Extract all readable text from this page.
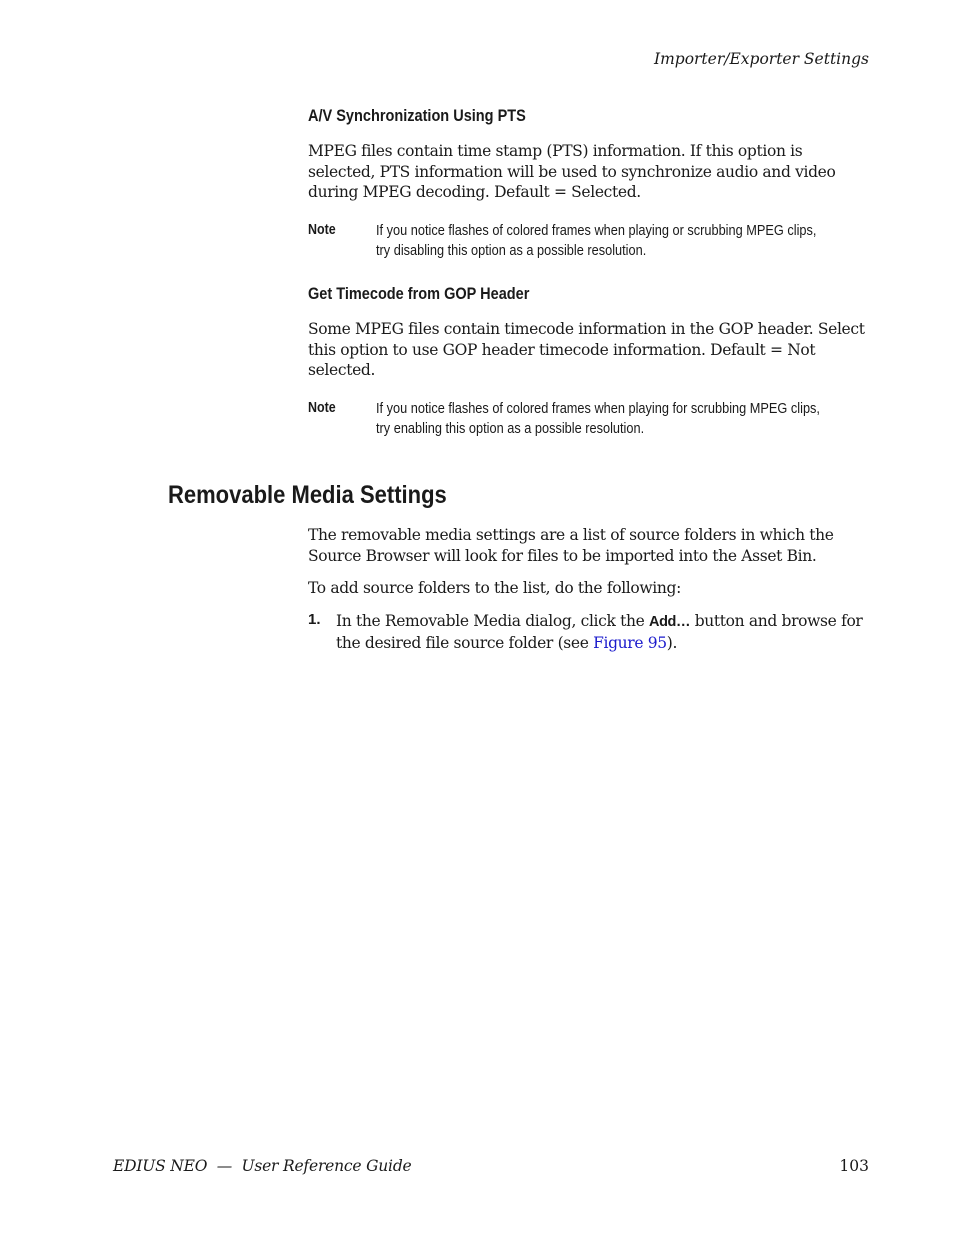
Importer/Exporter Settings
A/V Synchronization Using PTS
MPEG files contain time stamp (PTS) information. If this option is selected, PTS information will be used to synchronize audio and video during MPEG decoding. Default = Selected.
Note	If you notice flashes of colored frames when playing or scrubbing MPEG clips, try disabling this option as a possible resolution.
Get Timecode from GOP Header
Some MPEG files contain timecode information in the GOP header. Select this option to use GOP header timecode information. Default = Not selected.
Note	If you notice flashes of colored frames when playing for scrubbing MPEG clips, try enabling this option as a possible resolution.
Removable Media Settings
The removable media settings are a list of source folders in which the Source Browser will look for files to be imported into the Asset Bin.
To add source folders to the list, do the following:
1. In the Removable Media dialog, click the Add… button and browse for the desired file source folder (see Figure 95).
EDIUS NEO  —  User Reference Guide	103
